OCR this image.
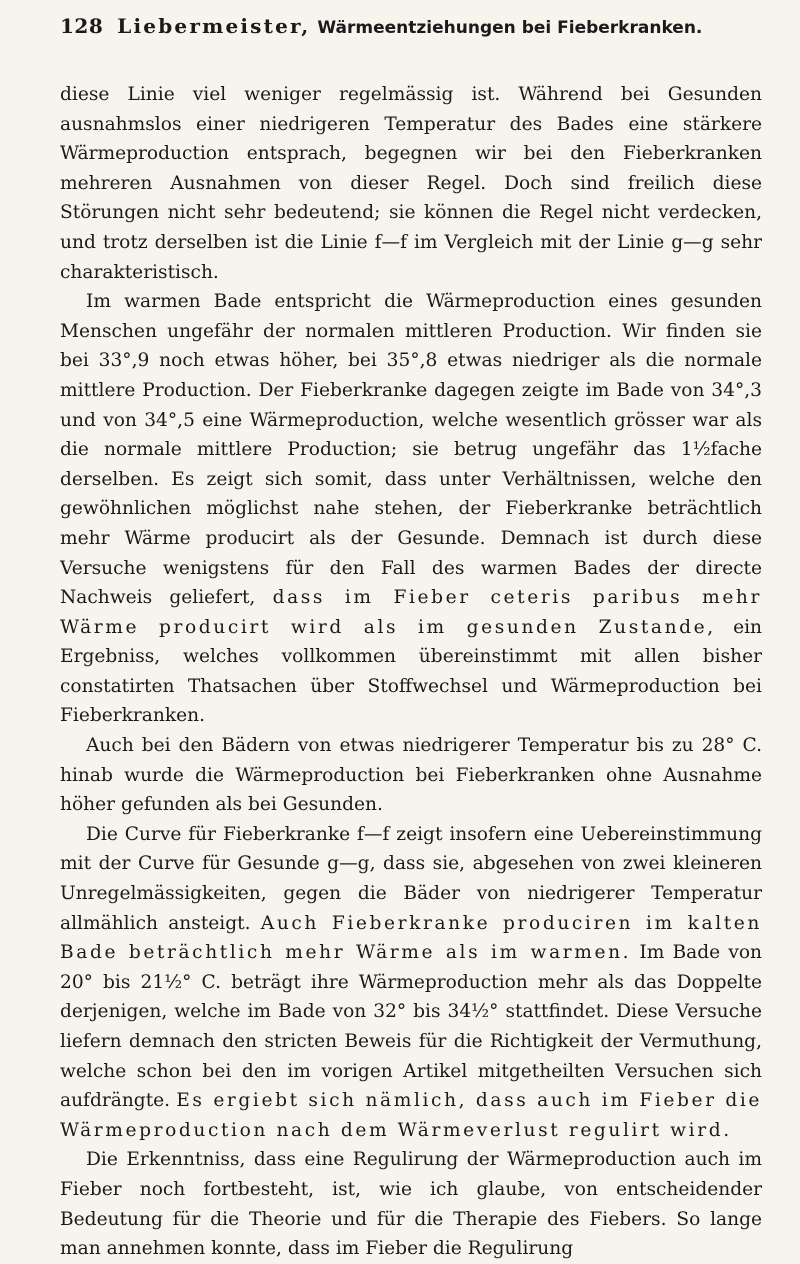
128 Liebermeister,
Wärmeentziehungen bei Fieberkranken.

diese Linie viel weniger regelmässig ist. Während bei Gesunden ausnahmslos einer niedrigeren Temperatur des Bades eine stärkere Wärmeproduction entsprach, begegnen wir bei den Fieberkranken mehreren Ausnahmen von dieser Regel. Doch sind freilich diese Störungen nicht sehr bedeutend; sie können die Regel nicht verdecken, und trotz derselben ist die Linie f—f im Vergleich mit der Linie g—g sehr charakteristisch.

Im warmen Bade entspricht die Wärmeproduction eines gesunden Menschen ungefähr der normalen mittleren Production. Wir finden sie bei 33°,9 noch etwas höher, bei 35°,8 etwas niedriger als die normale mittlere Production. Der Fieberkranke dagegen zeigte im Bade von 34°,3 und von 34°,5 eine Wärmeproduction, welche wesentlich grösser war als die normale mittlere Production; sie betrug ungefähr das 1½fache derselben. Es zeigt sich somit, dass unter Verhältnissen, welche den gewöhnlichen möglichst nahe stehen, der Fieberkranke beträchtlich mehr Wärme producirt als der Gesunde. Demnach ist durch diese Versuche wenigstens für den Fall des warmen Bades der directe Nachweis geliefert, dass im Fieber ceteris paribus mehr Wärme producirt wird als im gesunden Zustande, ein Ergebniss, welches vollkommen übereinstimmt mit allen bisher constatirten Thatsachen über Stoffwechsel und Wärmeproduction bei Fieberkranken.

Auch bei den Bädern von etwas niedrigerer Temperatur bis zu 28° C. hinab wurde die Wärmeproduction bei Fieberkranken ohne Ausnahme höher gefunden als bei Gesunden.

Die Curve für Fieberkranke f—f zeigt insofern eine Uebereinstimmung mit der Curve für Gesunde g—g, dass sie, abgesehen von zwei kleineren Unregelmässigkeiten, gegen die Bäder von niedrigerer Temperatur allmählich ansteigt. Auch Fieberkranke produciren im kalten Bade beträchtlich mehr Wärme als im warmen. Im Bade von 20° bis 21½° C. beträgt ihre Wärmeproduction mehr als das Doppelte derjenigen, welche im Bade von 32° bis 34½° stattfindet. Diese Versuche liefern demnach den stricten Beweis für die Richtigkeit der Vermuthung, welche schon bei den im vorigen Artikel mitgetheilten Versuchen sich aufdrängte. Es ergiebt sich nämlich, dass auch im Fieber die Wärmeproduction nach dem Wärmeverlust regulirt wird.

Die Erkenntniss, dass eine Regulirung der Wärmeproduction auch im Fieber noch fortbesteht, ist, wie ich glaube, von entscheidender Bedeutung für die Theorie und für die Therapie des Fiebers. So lange man annehmen konnte, dass im Fieber die Regulirung
